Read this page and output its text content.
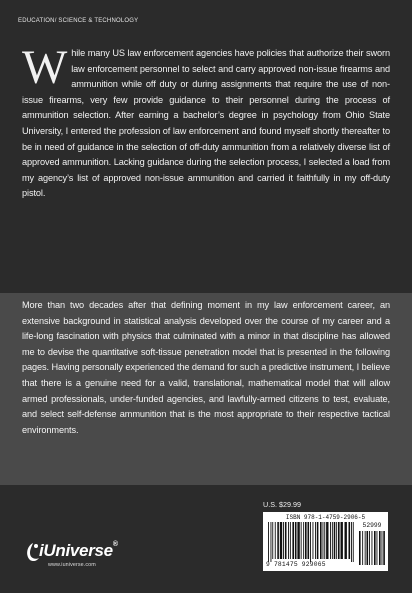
EDUCATION/ SCIENCE & TECHNOLOGY
While many US law enforcement agencies have policies that authorize their sworn law enforcement personnel to select and carry approved non-issue firearms and ammunition while off duty or during assignments that require the use of non-issue firearms, very few provide guidance to their personnel during the process of ammunition selection. After earning a bachelor’s degree in psychology from Ohio State University, I entered the profession of law enforcement and found myself shortly thereafter to be in need of guidance in the selection of off-duty ammunition from a relatively diverse list of approved ammunition. Lacking guidance during the selection process, I selected a load from my agency’s list of approved non-issue ammunition and carried it faithfully in my off-duty pistol.
More than two decades after that defining moment in my law enforcement career, an extensive background in statistical analysis developed over the course of my career and a life-long fascination with physics that culminated with a minor in that discipline has allowed me to devise the quantitative soft-tissue penetration model that is presented in the following pages. Having personally experienced the demand for such a predictive instrument, I believe that there is a genuine need for a valid, translational, mathematical model that will allow armed professionals, under-funded agencies, and lawfully-armed citizens to test, evaluate, and select self-defense ammunition that is the most appropriate to their respective tactical environments.
U.S. $29.99
ISBN 978-1-4759-2906-5
9 781475 929065
52999
iUniverse®
www.iuniverse.com
